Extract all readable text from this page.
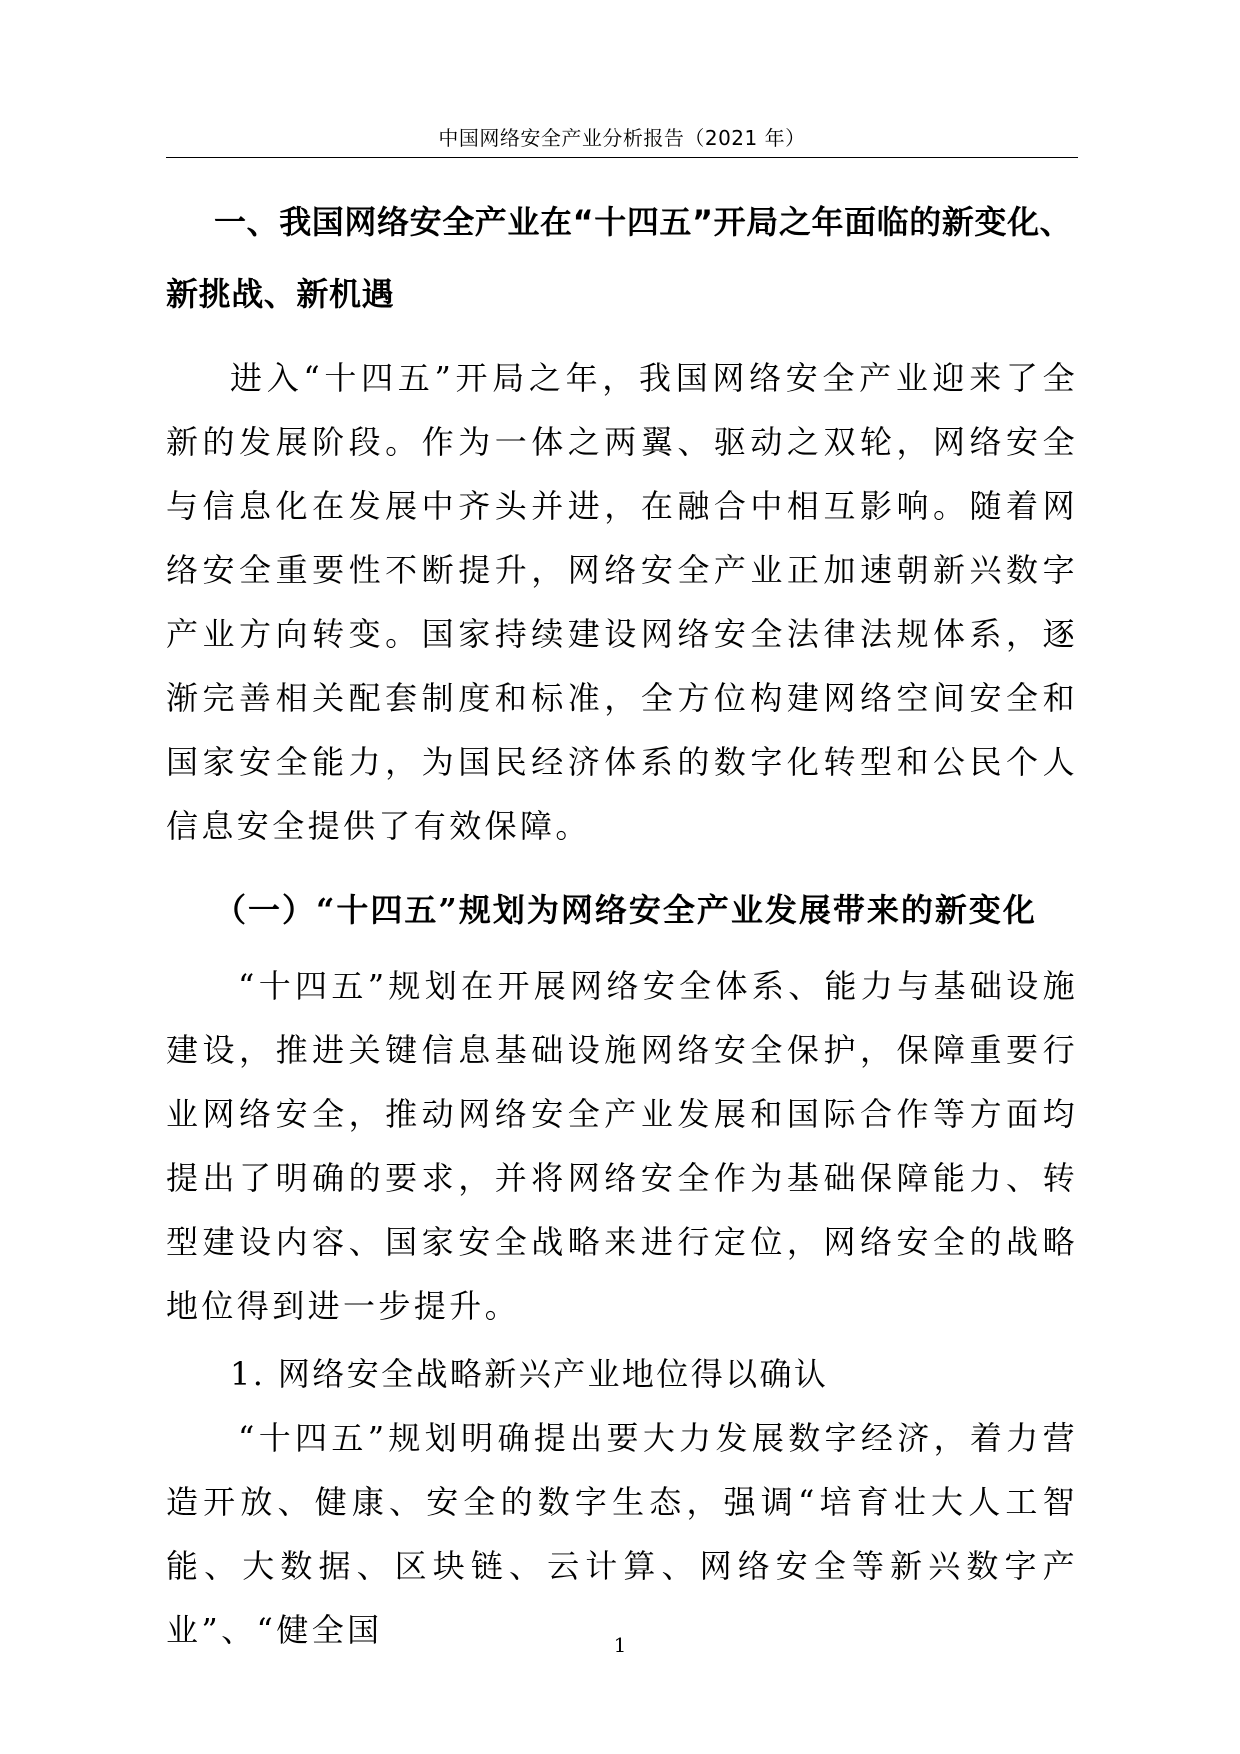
中国网络安全产业分析报告（2021 年）
一、我国网络安全产业在“十四五”开局之年面临的新变化、新挑战、新机遇

进入“十四五”开局之年，我国网络安全产业迎来了全新的发展阶段。作为一体之两翼、驱动之双轮，网络安全与信息化在发展中齐头并进，在融合中相互影响。随着网络安全重要性不断提升，网络安全产业正加速朝新兴数字产业方向转变。国家持续建设网络安全法律法规体系，逐渐完善相关配套制度和标准，全方位构建网络空间安全和国家安全能力，为国民经济体系的数字化转型和公民个人信息安全提供了有效保障。

（一）“十四五”规划为网络安全产业发展带来的新变化

“十四五”规划在开展网络安全体系、能力与基础设施建设，推进关键信息基础设施网络安全保护，保障重要行业网络安全，推动网络安全产业发展和国际合作等方面均提出了明确的要求，并将网络安全作为基础保障能力、转型建设内容、国家安全战略来进行定位，网络安全的战略地位得到进一步提升。

1. 网络安全战略新兴产业地位得以确认

“十四五”规划明确提出要大力发展数字经济，着力营造开放、健康、安全的数字生态，强调“培育壮大人工智能、大数据、区块链、云计算、网络安全等新兴数字产业”、“健全国	1
